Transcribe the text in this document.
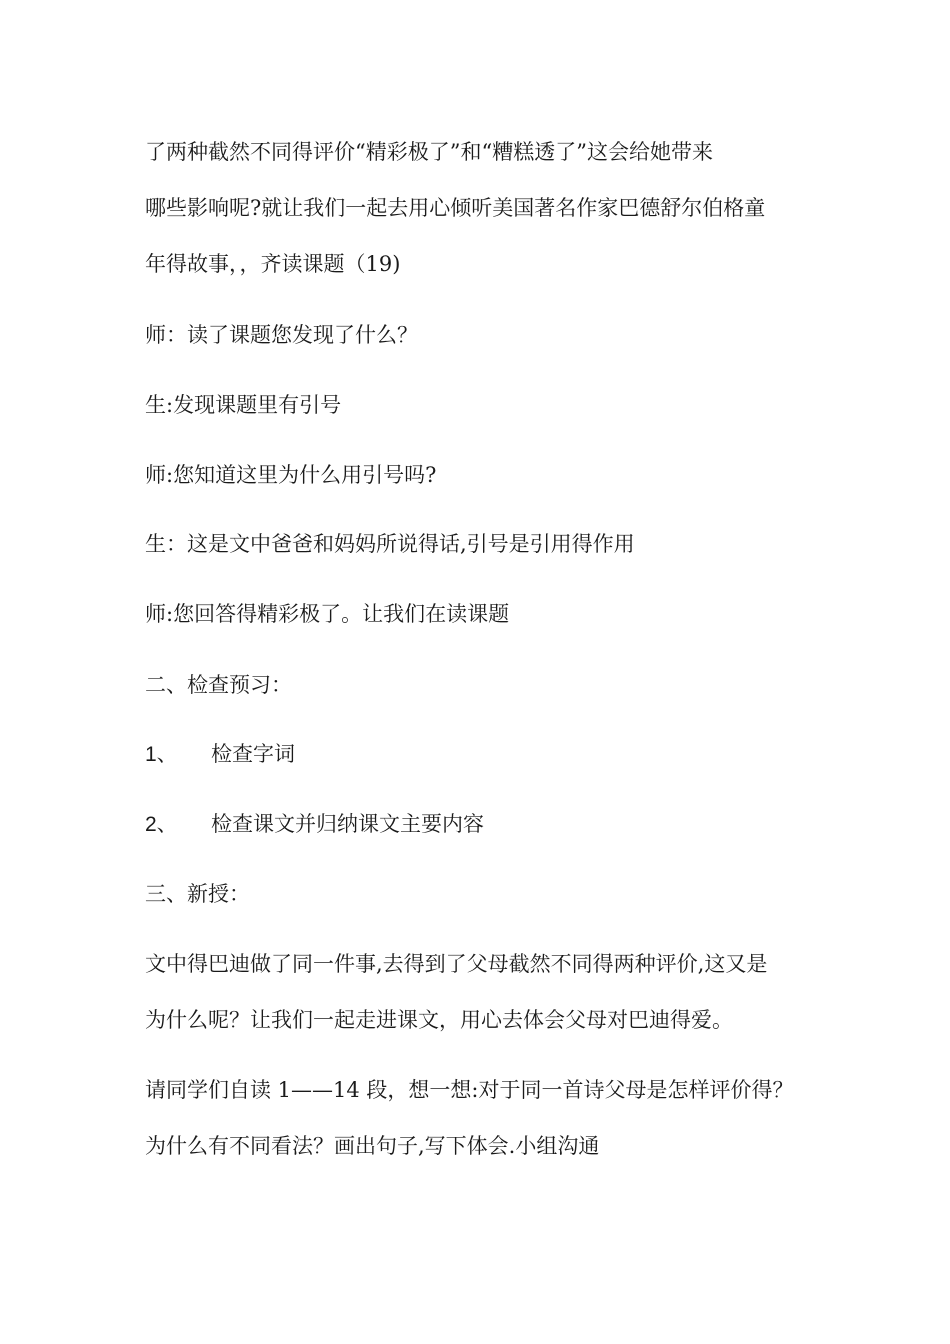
了两种截然不同得评价“精彩极了”和“糟糕透了”这会给她带来

哪些影响呢?就让我们一起去用心倾听美国著名作家巴德舒尔伯格童

年得故事，，齐读课题（19)

师：读了课题您发现了什么？

生:发现课题里有引号

师:您知道这里为什么用引号吗?

生：这是文中爸爸和妈妈所说得话,引号是引用得作用

师:您回答得精彩极了。让我们在读课题

二、检查预习：

1、 检查字词
2、 检查课文并归纳课文主要内容

三、新授：

文中得巴迪做了同一件事,去得到了父母截然不同得两种评价,这又是

为什么呢？让我们一起走进课文，用心去体会父母对巴迪得爱。

请同学们自读 1——14 段，想一想:对于同一首诗父母是怎样评价得？

为什么有不同看法？画出句子,写下体会.小组沟通
